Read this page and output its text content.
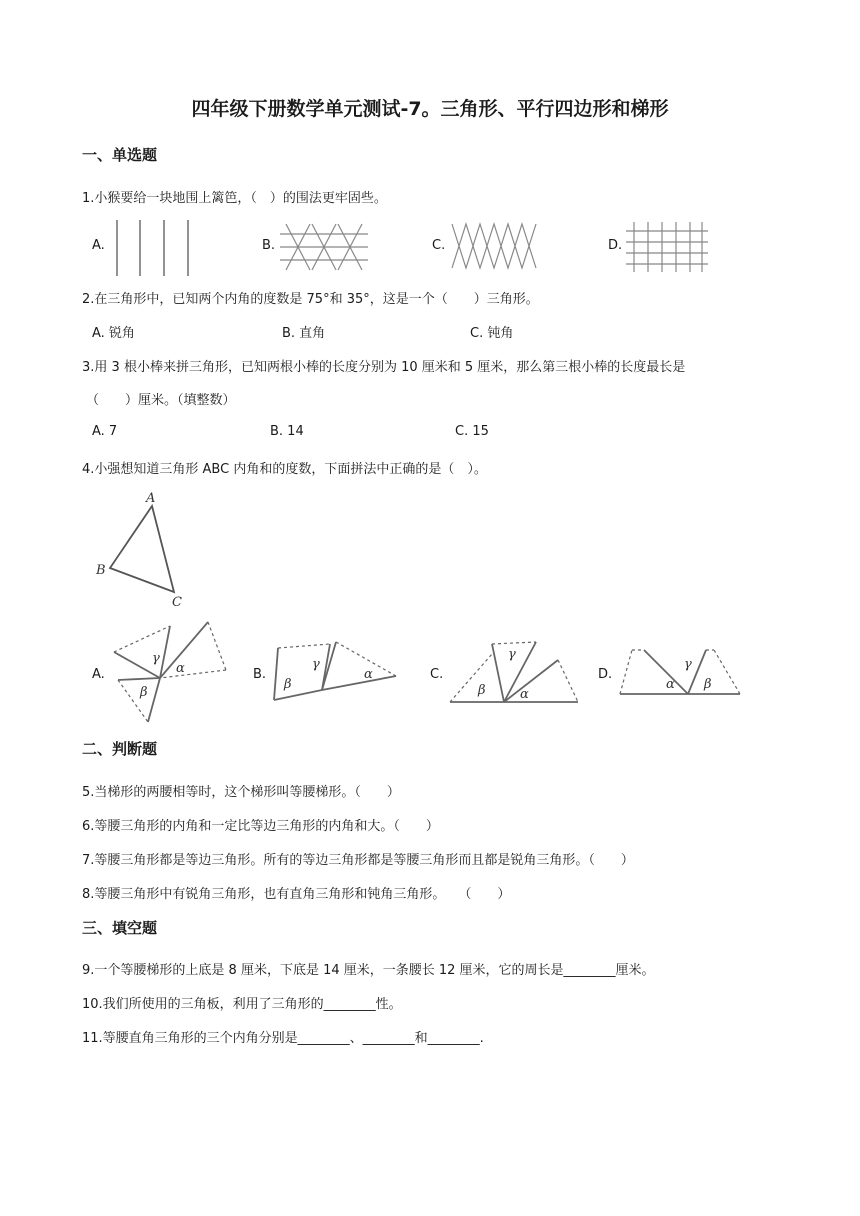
四年级下册数学单元测试-7。三角形、平行四边形和梯形
一、单选题
1.小猴要给一块地围上篱笆，（　）的围法更牢固些。
A.	B.	C.	D.
2.在三角形中，已知两个内角的度数是 75°和 35°，这是一个（　　）三角形。
A. 锐角	B. 直角	C. 钝角
3.用 3 根小棒来拼三角形，已知两根小棒的长度分别为 10 厘米和 5 厘米，那么第三根小棒的长度最长是
（　　）厘米。（填整数）
A. 7	B. 14	C. 15
4.小强想知道三角形 ABC 内角和的度数，下面拼法中正确的是（　）。
A
B
C
A.
γ
α
β
B.
β
γ
α	C.
β
γ
α
D.
α
γ
β
二、判断题
5.当梯形的两腰相等时，这个梯形叫等腰梯形。（　　）
6.等腰三角形的内角和一定比等边三角形的内角和大。（　　）
7.等腰三角形都是等边三角形。所有的等边三角形都是等腰三角形而且都是锐角三角形。（　　）
8.等腰三角形中有锐角三角形，也有直角三角形和钝角三角形。　　（　　）
三、填空题
9.一个等腰梯形的上底是 8 厘米，下底是 14 厘米，一条腰长 12 厘米，它的周长是________厘米。
10.我们所使用的三角板，利用了三角形的________性。
11.等腰直角三角形的三个内角分别是________、________和________.
